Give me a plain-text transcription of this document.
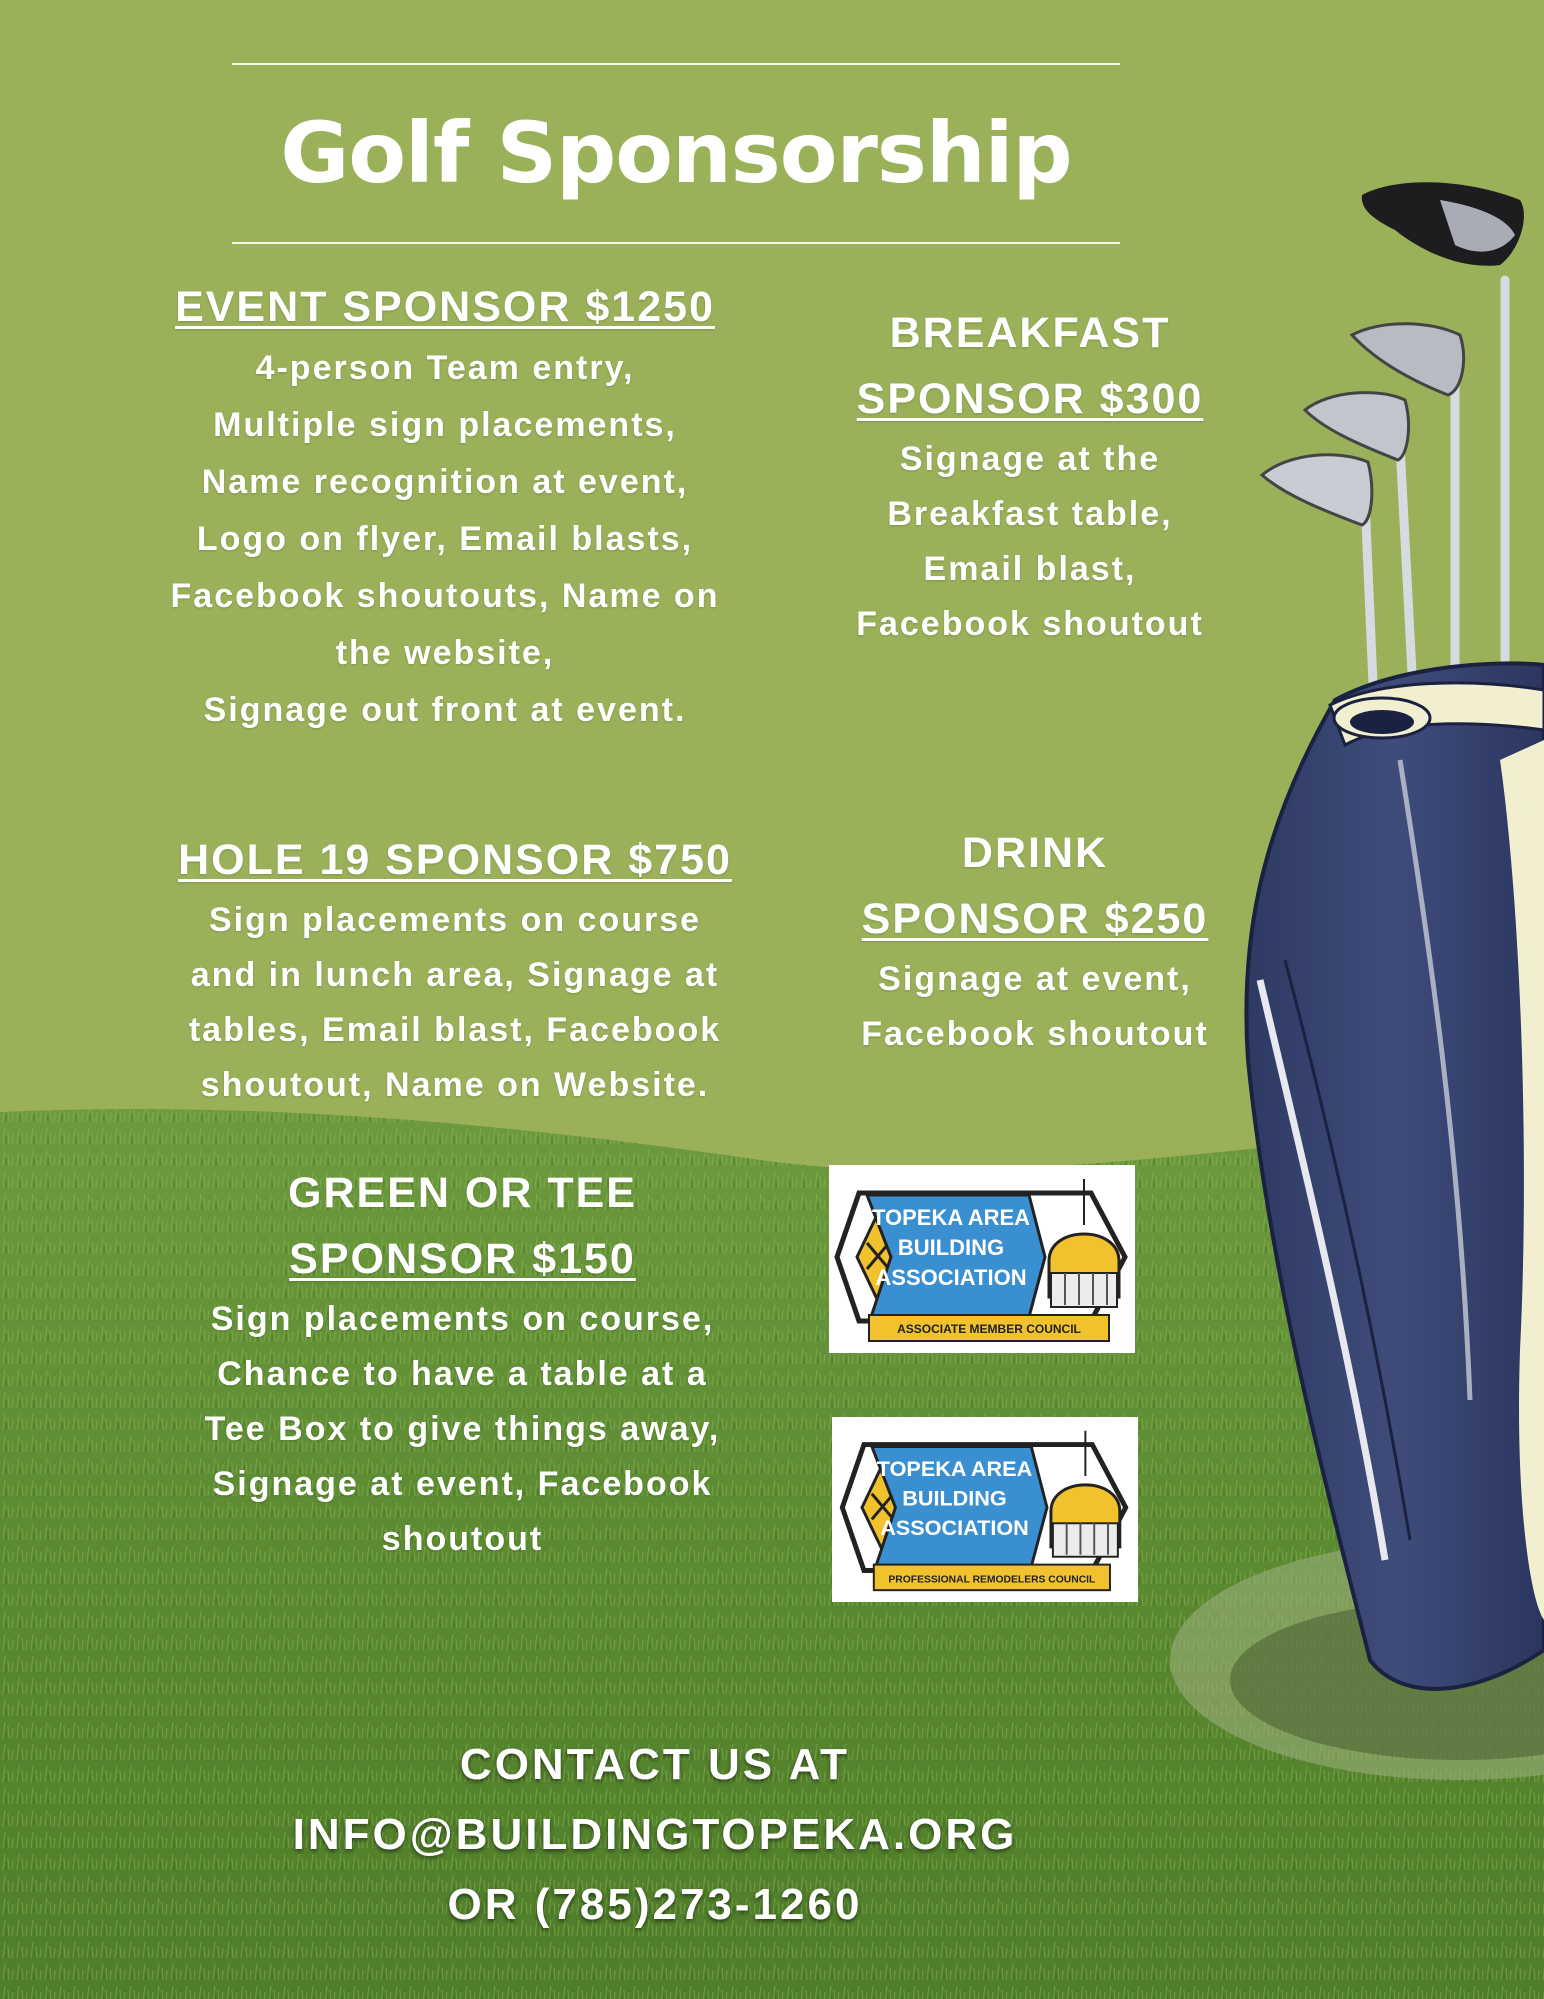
Golf Sponsorship
EVENT SPONSOR $1250
4-person Team entry,
Multiple sign placements,
Name recognition at event,
Logo on flyer, Email blasts,
Facebook shoutouts, Name on
the website,
Signage out front at event.
BREAKFAST
SPONSOR $300
Signage at the
Breakfast table,
Email blast,
Facebook shoutout
HOLE 19 SPONSOR $750
Sign placements on course
and in lunch area, Signage at
tables, Email blast, Facebook
shoutout, Name on Website.
DRINK
SPONSOR $250
Signage at event,
Facebook shoutout
GREEN OR TEE
SPONSOR $150
Sign placements on course,
Chance to have a table at a
Tee Box to give things away,
Signage at event, Facebook
shoutout
TOPEKA AREA
BUILDING
ASSOCIATION
ASSOCIATE MEMBER COUNCIL
TOPEKA AREA
BUILDING
ASSOCIATION
PROFESSIONAL REMODELERS COUNCIL
CONTACT US AT
INFO@BUILDINGTOPEKA.ORG
OR (785)273-1260
